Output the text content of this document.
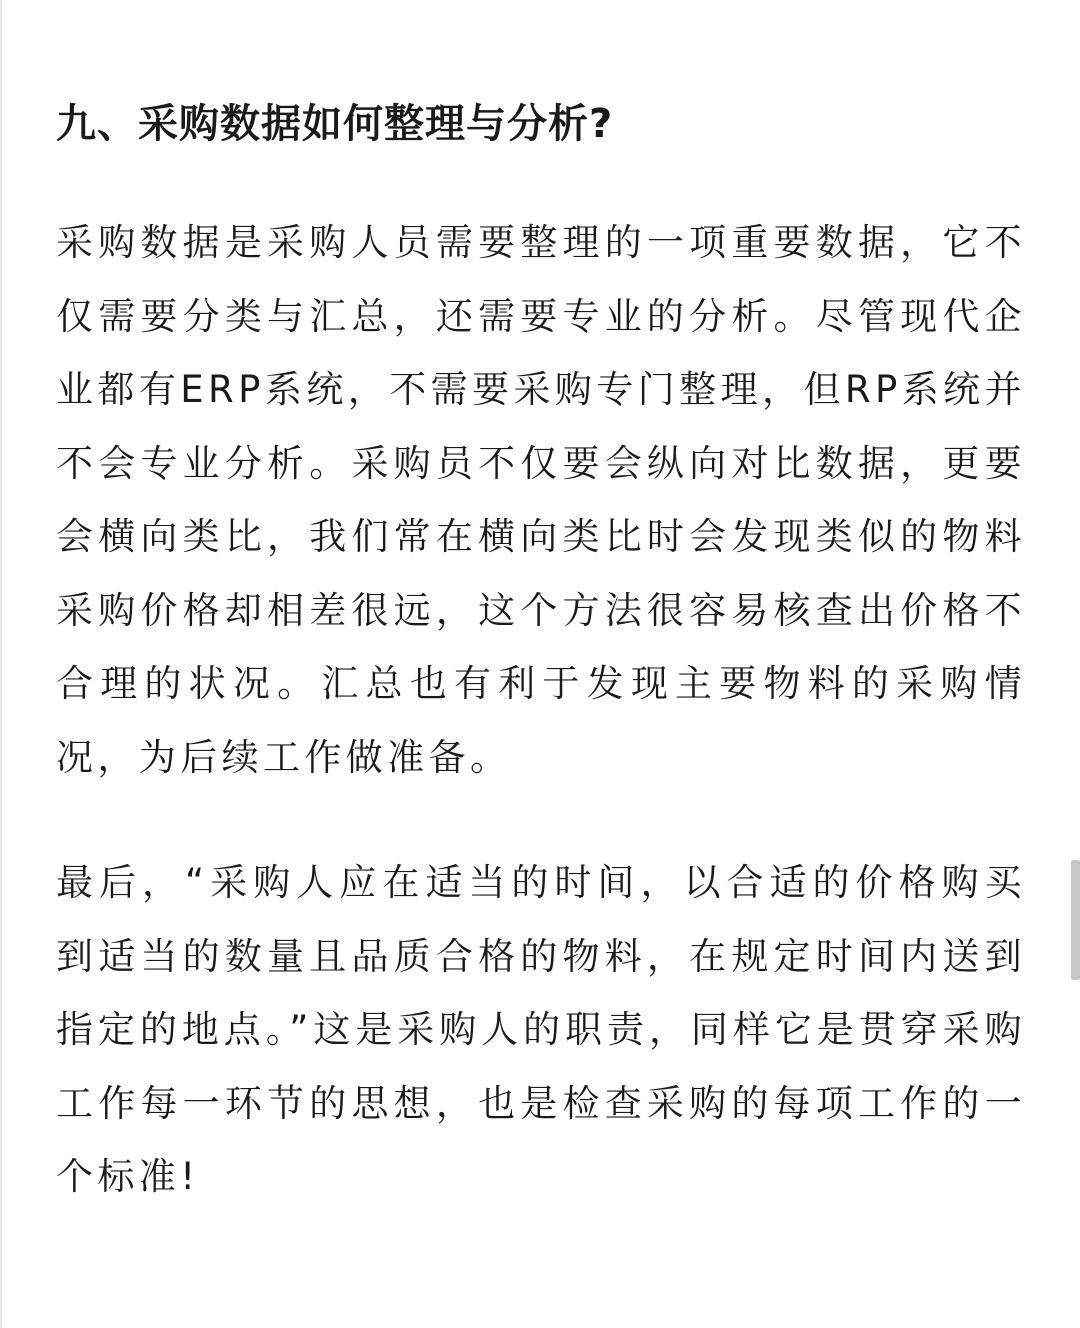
九、采购数据如何整理与分析?

采购数据是采购人员需要整理的一项重要数据，它不仅需要分类与汇总，还需要专业的分析。尽管现代企业都有ERP系统，不需要采购专门整理，但RP系统并不会专业分析。采购员不仅要会纵向对比数据，更要会横向类比，我们常在横向类比时会发现类似的物料采购价格却相差很远，这个方法很容易核查出价格不合理的状况。汇总也有利于发现主要物料的采购情况，为后续工作做准备。

最后，“采购人应在适当的时间，以合适的价格购买到适当的数量且品质合格的物料，在规定时间内送到指定的地点。”这是采购人的职责，同样它是贯穿采购工作每一环节的思想，也是检查采购的每项工作的一个标准!
